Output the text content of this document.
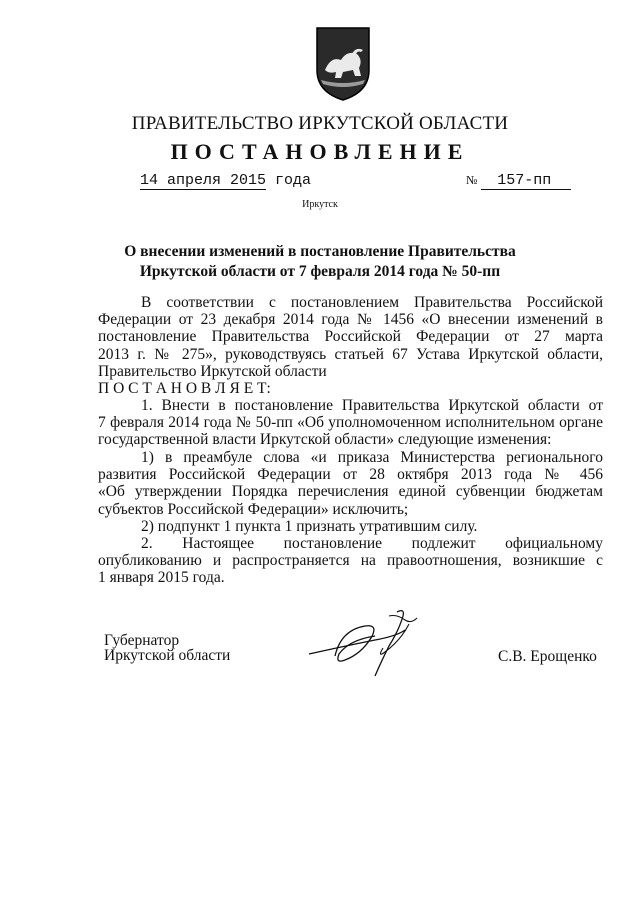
ПРАВИТЕЛЬСТВО ИРКУТСКОЙ ОБЛАСТИ
ПОСТАНОВЛЕНИЕ
14 апреля 2015 года	№ 157-пп
Иркутск
О внесении изменений в постановление Правительства
Иркутской области от 7 февраля 2014 года № 50-пп
В соответствии с постановлением Правительства Российской
Федерации от 23 декабря 2014 года № 1456 «О внесении изменений в
постановление Правительства Российской Федерации от 27 марта
2013 г. № 275», руководствуясь статьей 67 Устава Иркутской области,
Правительство Иркутской области
П О С Т А Н О В Л Я Е Т:
1. Внести в постановление Правительства Иркутской области от
7 февраля 2014 года № 50-пп «Об уполномоченном исполнительном органе
государственной власти Иркутской области» следующие изменения:
1) в преамбуле слова «и приказа Министерства регионального
развития Российской Федерации от 28 октября 2013 года № 456
«Об утверждении Порядка перечисления единой субвенции бюджетам
субъектов Российской Федерации» исключить;
2) подпункт 1 пункта 1 признать утратившим силу.
2. Настоящее постановление подлежит официальному
опубликованию и распространяется на правоотношения, возникшие с
1 января 2015 года.
Губернатор
Иркутской области	С.В. Ерощенко
